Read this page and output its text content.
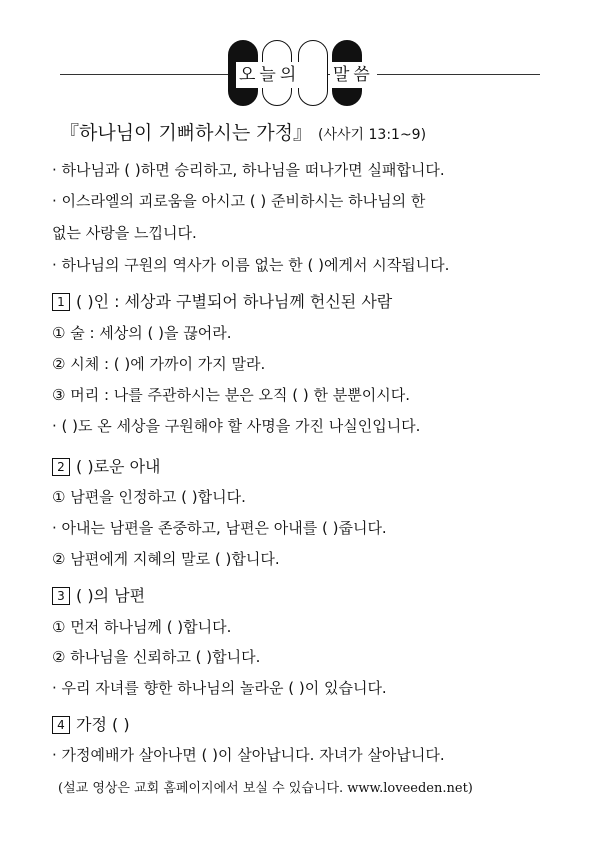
오늘의 말씀
『하나님이 기뻐하시는 가정』 (사사기 13:1~9)
· 하나님과 ( )하면 승리하고, 하나님을 떠나가면 실패합니다.
· 이스라엘의 괴로움을 아시고 ( ) 준비하시는 하나님의 한
없는 사랑을 느낍니다.
· 하나님의 구원의 역사가 이름 없는 한 ( )에게서 시작됩니다.
1 ( )인 : 세상과 구별되어 하나님께 헌신된 사람
① 술 : 세상의 ( )을 끊어라.
② 시체 : ( )에 가까이 가지 말라.
③ 머리 : 나를 주관하시는 분은 오직 ( ) 한 분뿐이시다.
· ( )도 온 세상을 구원해야 할 사명을 가진 나실인입니다.
2 ( )로운 아내
① 남편을 인정하고 ( )합니다.
· 아내는 남편을 존중하고, 남편은 아내를 ( )줍니다.
② 남편에게 지혜의 말로 ( )합니다.
3 ( )의 남편
① 먼저 하나님께 ( )합니다.
② 하나님을 신뢰하고 ( )합니다.
· 우리 자녀를 향한 하나님의 놀라운 ( )이 있습니다.
4 가정 ( )
· 가정예배가 살아나면 ( )이 살아납니다. 자녀가 살아납니다.
(설교 영상은 교회 홈페이지에서 보실 수 있습니다. www.loveeden.net)
